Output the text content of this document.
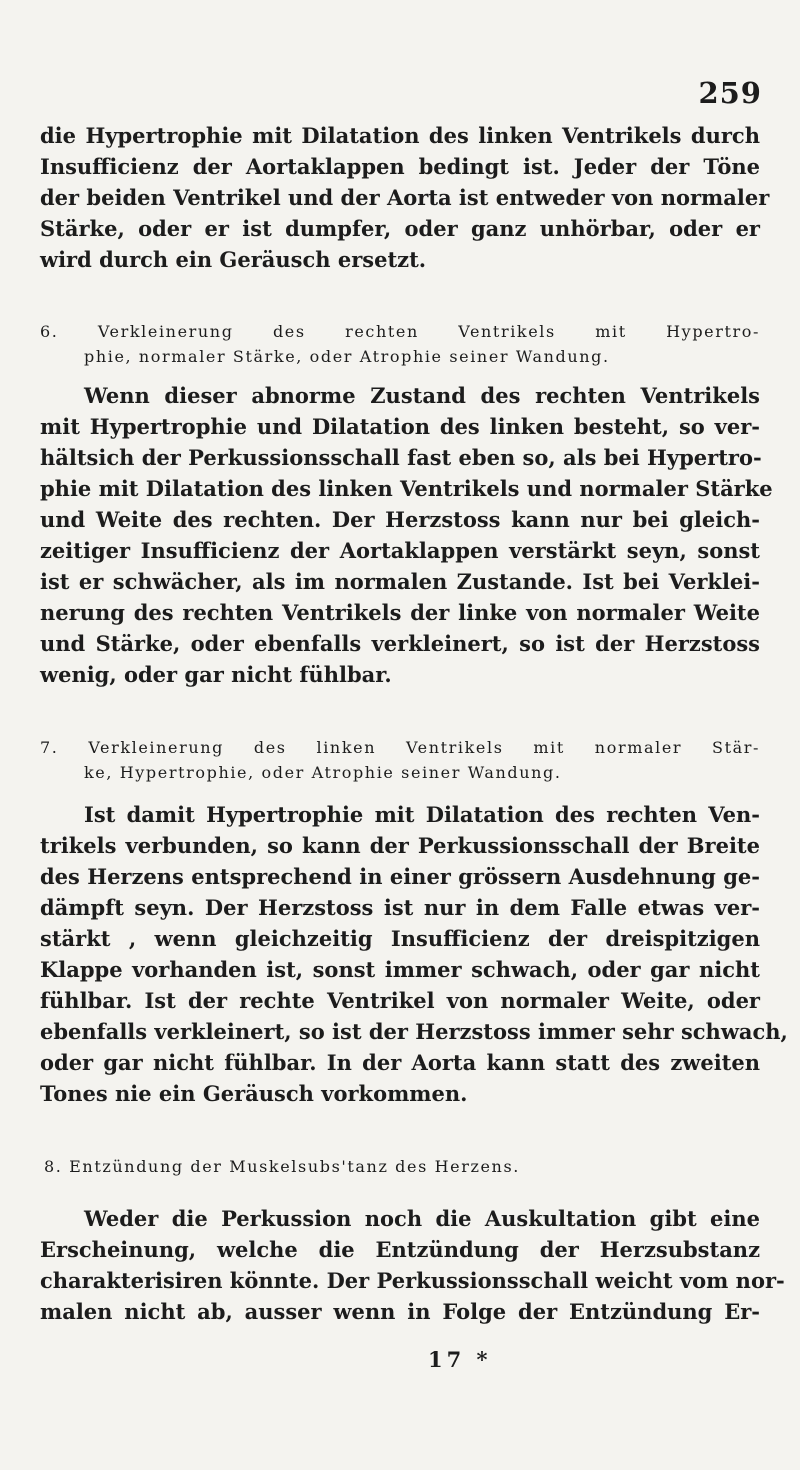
259
die Hypertrophie mit Dilatation des linken Ventrikels durch
Insufficienz der Aortaklappen bedingt ist. Jeder der Töne
der beiden Ventrikel und der Aorta ist entweder von normaler
Stärke, oder er ist dumpfer, oder ganz unhörbar, oder er
wird durch ein Geräusch ersetzt.
6. Verkleinerung des rechten Ventrikels mit Hypertro-
phie, normaler Stärke, oder Atrophie seiner Wandung.
Wenn dieser abnorme Zustand des rechten Ventrikels
mit Hypertrophie und Dilatation des linken besteht, so ver-
hältsich der Perkussionsschall fast eben so, als bei Hypertro-
phie mit Dilatation des linken Ventrikels und normaler Stärke
und Weite des rechten. Der Herzstoss kann nur bei gleich-
zeitiger Insufficienz der Aortaklappen verstärkt seyn, sonst
ist er schwächer, als im normalen Zustande. Ist bei Verklei-
nerung des rechten Ventrikels der linke von normaler Weite
und Stärke, oder ebenfalls verkleinert, so ist der Herzstoss
wenig, oder gar nicht fühlbar.
7. Verkleinerung des linken Ventrikels mit normaler Stär-
ke, Hypertrophie, oder Atrophie seiner Wandung.
Ist damit Hypertrophie mit Dilatation des rechten Ven-
trikels verbunden, so kann der Perkussionsschall der Breite
des Herzens entsprechend in einer grössern Ausdehnung ge-
dämpft seyn. Der Herzstoss ist nur in dem Falle etwas ver-
stärkt , wenn gleichzeitig Insufficienz der dreispitzigen
Klappe vorhanden ist, sonst immer schwach, oder gar nicht
fühlbar. Ist der rechte Ventrikel von normaler Weite, oder
ebenfalls verkleinert, so ist der Herzstoss immer sehr schwach,
oder gar nicht fühlbar. In der Aorta kann statt des zweiten
Tones nie ein Geräusch vorkommen.
8. Entzündung der Muskelsubs'tanz des Herzens.
Weder die Perkussion noch die Auskultation gibt eine
Erscheinung, welche die Entzündung der Herzsubstanz
charakterisiren könnte. Der Perkussionsschall weicht vom nor-
malen nicht ab, ausser wenn in Folge der Entzündung Er-
17 *
